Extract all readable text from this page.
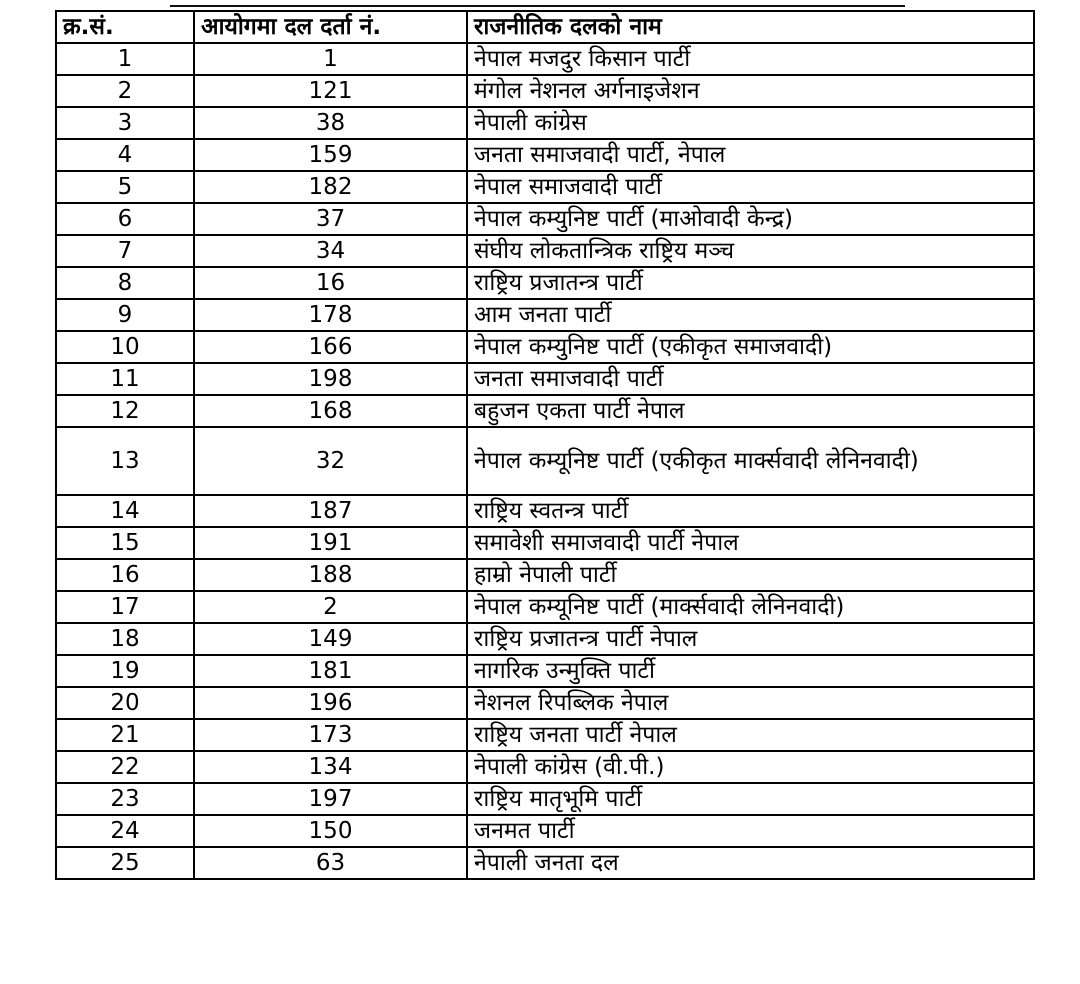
क्र.सं.	आयोगमा दल दर्ता नं.	राजनीतिक दलको नाम
1	1	नेपाल मजदुर किसान पार्टी
2	121	मंगोल नेशनल अर्गनाइजेशन
3	38	नेपाली कांग्रेस
4	159	जनता समाजवादी पार्टी, नेपाल
5	182	नेपाल समाजवादी पार्टी
6	37	नेपाल कम्युनिष्ट पार्टी (माओवादी केन्द्र)
7	34	संघीय लोकतान्त्रिक राष्ट्रिय मञ्च
8	16	राष्ट्रिय प्रजातन्त्र पार्टी
9	178	आम जनता पार्टी
10	166	नेपाल कम्युनिष्ट पार्टी (एकीकृत समाजवादी)
11	198	जनता समाजवादी पार्टी
12	168	बहुजन एकता पार्टी नेपाल
13	32	नेपाल कम्यूनिष्ट पार्टी (एकीकृत मार्क्सवादी लेनिनवादी)
14	187	राष्ट्रिय स्वतन्त्र पार्टी
15	191	समावेशी समाजवादी पार्टी नेपाल
16	188	हाम्रो नेपाली पार्टी
17	2	नेपाल कम्यूनिष्ट पार्टी (मार्क्सवादी लेनिनवादी)
18	149	राष्ट्रिय प्रजातन्त्र पार्टी नेपाल
19	181	नागरिक उन्मुक्ति पार्टी
20	196	नेशनल रिपब्लिक नेपाल
21	173	राष्ट्रिय जनता पार्टी नेपाल
22	134	नेपाली कांग्रेस (वी.पी.)
23	197	राष्ट्रिय मातृभूमि पार्टी
24	150	जनमत पार्टी
25	63	नेपाली जनता दल
